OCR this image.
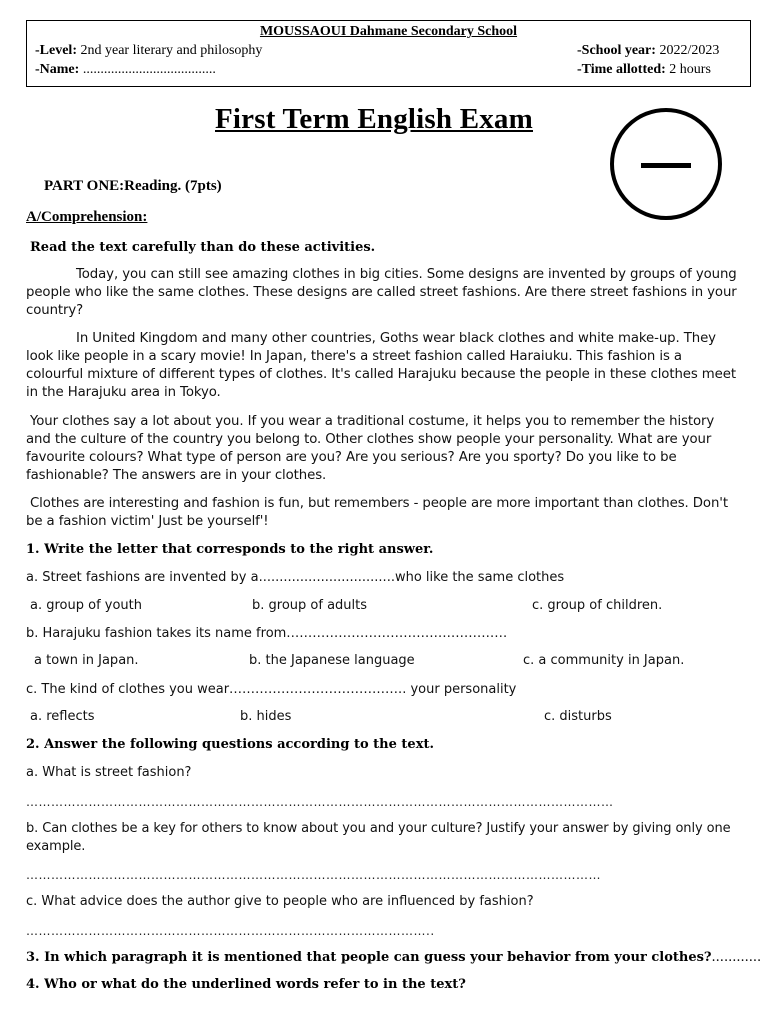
MOUSSAOUI Dahmane Secondary School
-Level: 2nd year literary and philosophy
-Name: ......................................
-School year: 2022/2023
-Time allotted: 2 hours
First Term English Exam
PART ONE:Reading. (7pts)
A/Comprehension:
Read the text carefully than do these activities.
Today, you can still see amazing clothes in big cities. Some designs are invented by groups of young people who like the same clothes. These designs are called street fashions. Are there street fashions in your country?
In United Kingdom and many other countries, Goths wear black clothes and white make-up. They look like people in a scary movie! In Japan, there's a street fashion called Haraiuku. This fashion is a colourful mixture of different types of clothes. It's called Harajuku because the people in these clothes meet in the Harajuku area in Tokyo.
Your clothes say a lot about you. If you wear a traditional costume, it helps you to remember the history and the culture of the country you belong to. Other clothes show people your personality. What are your favourite colours? What type of person are you? Are you serious? Are you sporty? Do you like to be fashionable? The answers are in your clothes.
Clothes are interesting and fashion is fun, but remembers - people are more important than clothes. Don't be a fashion victim' Just be yourself'!
1. Write the letter that corresponds to the right answer.
a. Street fashions are invented by a.................................who like the same clothes
a. group of youth	b. group of adults	c. group of children.
b. Harajuku fashion takes its name from……………………………………………
a town in Japan.	b. the Japanese language	c. a community in Japan.
c. The kind of clothes you wear………………………………….. your personality
a. reflects	b. hides	c. disturbs
2. Answer the following questions according to the text.
a. What is street fashion?
……………………………………………………………………………………………………………………………
b. Can clothes be a key for others to know about you and your culture? Justify your answer by giving only one example.
…………………………………………………………………………………………………………………………
c. What advice does the author give to people who are influenced by fashion?
……………………………………………………………………………………..
3. In which paragraph it is mentioned that people can guess your behavior from your clothes?............
4. Who or what do the underlined words refer to in the text?
